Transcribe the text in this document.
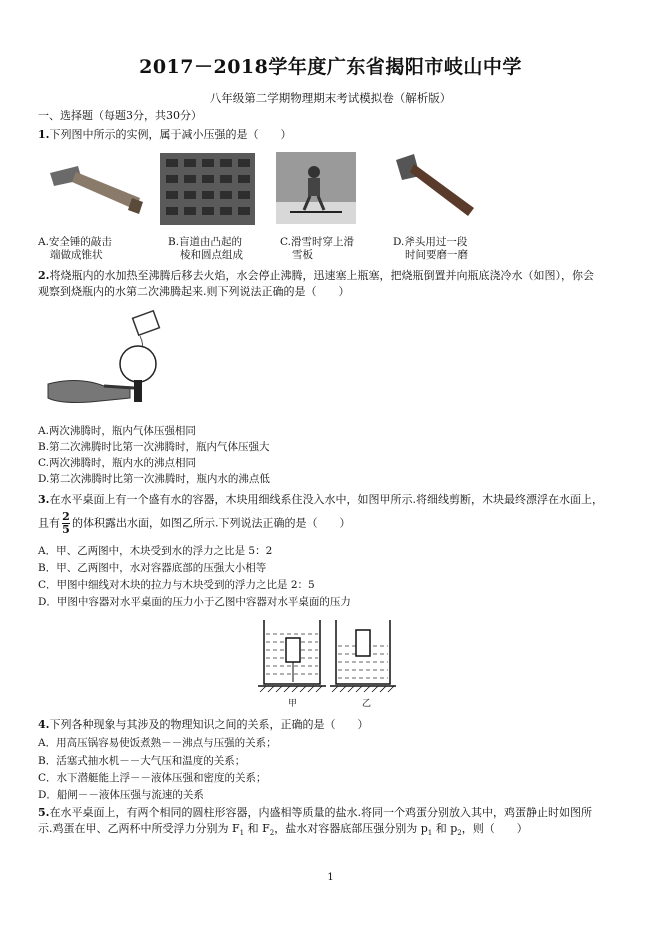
2017－2018学年度广东省揭阳市岐山中学
八年级第二学期物理期末考试模拟卷（解析版）
一、选择题（每题3分，共30分）
1.下列图中所示的实例，属于减小压强的是（　　）
A.安全锤的敲击
端做成锥状
B.盲道由凸起的
棱和圆点组成
C.滑雪时穿上滑
雪板
D.斧头用过一段
时间要磨一磨
2.将烧瓶内的水加热至沸腾后移去火焰，水会停止沸腾，迅速塞上瓶塞，把烧瓶倒置并向瓶底浇冷水（如图），你会
观察到烧瓶内的水第二次沸腾起来.则下列说法正确的是（　　）
A.两次沸腾时，瓶内气体压强相同
B.第二次沸腾时比第一次沸腾时，瓶内气体压强大
C.两次沸腾时，瓶内水的沸点相同
D.第二次沸腾时比第一次沸腾时，瓶内水的沸点低
3.在水平桌面上有一个盛有水的容器，木块用细线系住没入水中，如图甲所示.将细线剪断，木块最终漂浮在水面上，
且有 $\frac{2}{5}$ 的体积露出水面，如图乙所示.下列说法正确的是（　　）
A．甲、乙两图中，木块受到水的浮力之比是 5：2
B．甲、乙两图中，水对容器底部的压强大小相等
C．甲图中细线对木块的拉力与木块受到的浮力之比是 2：5
D．甲图中容器对水平桌面的压力小于乙图中容器对水平桌面的压力
甲	乙
4.下列各种现象与其涉及的物理知识之间的关系，正确的是（　　）
A．用高压锅容易使饭煮熟－－沸点与压强的关系；
B．活塞式抽水机－－大气压和温度的关系；
C．水下潜艇能上浮－－液体压强和密度的关系；
D．船闸－－液体压强与流速的关系
5.在水平桌面上，有两个相同的圆柱形容器，内盛相等质量的盐水.将同一个鸡蛋分别放入其中，鸡蛋静止时如图所
示.鸡蛋在甲、乙两杯中所受浮力分别为 $F_1$ 和 $F_2$，盐水对容器底部压强分别为 $p_1$ 和 $p_2$，则（　　）
1
